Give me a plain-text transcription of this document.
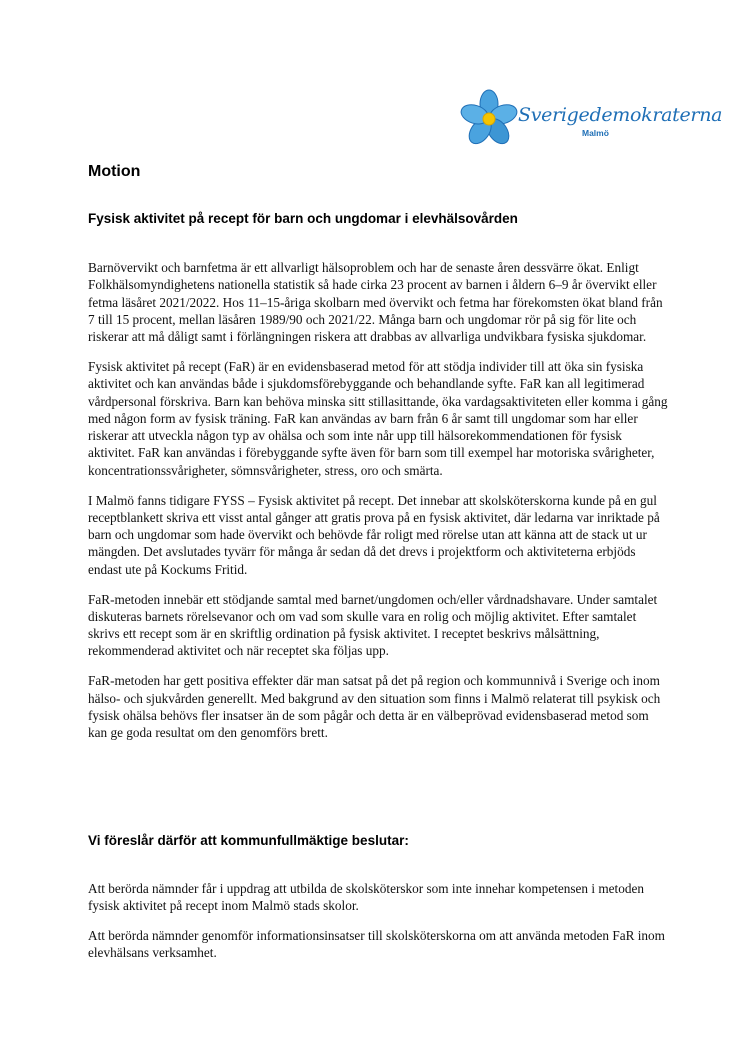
Sverigedemokraterna
Malmö
Motion
Fysisk aktivitet på recept för barn och ungdomar i elevhälsovården

Barnövervikt och barnfetma är ett allvarligt hälsoproblem och har de senaste åren dessvärre ökat. Enligt Folkhälsomyndighetens nationella statistik så hade cirka 23 procent av barnen i åldern 6–9 år övervikt eller fetma läsåret 2021/2022. Hos 11–15-åriga skolbarn med övervikt och fetma har förekomsten ökat bland från 7 till 15 procent, mellan läsåren 1989/90 och 2021/22. Många barn och ungdomar rör på sig för lite och riskerar att må dåligt samt i förlängningen riskera att drabbas av allvarliga undvikbara fysiska sjukdomar.

Fysisk aktivitet på recept (FaR) är en evidensbaserad metod för att stödja individer till att öka sin fysiska aktivitet och kan användas både i sjukdomsförebyggande och behandlande syfte. FaR kan all legitimerad vårdpersonal förskriva. Barn kan behöva minska sitt stillasittande, öka vardagsaktiviteten eller komma i gång med någon form av fysisk träning. FaR kan användas av barn från 6 år samt till ungdomar som har eller riskerar att utveckla någon typ av ohälsa och som inte når upp till hälsorekommendationen för fysisk aktivitet. FaR kan användas i förebyggande syfte även för barn som till exempel har motoriska svårigheter, koncentrationssvårigheter, sömnsvårigheter, stress, oro och smärta.

I Malmö fanns tidigare FYSS – Fysisk aktivitet på recept. Det innebar att skolsköterskorna kunde på en gul receptblankett skriva ett visst antal gånger att gratis prova på en fysisk aktivitet, där ledarna var inriktade på barn och ungdomar som hade övervikt och behövde får roligt med rörelse utan att känna att de stack ut ur mängden. Det avslutades tyvärr för många år sedan då det drevs i projektform och aktiviteterna erbjöds endast ute på Kockums Fritid.

FaR-metoden innebär ett stödjande samtal med barnet/ungdomen och/eller vårdnadshavare. Under samtalet diskuteras barnets rörelsevanor och om vad som skulle vara en rolig och möjlig aktivitet. Efter samtalet skrivs ett recept som är en skriftlig ordination på fysisk aktivitet. I receptet beskrivs målsättning, rekommenderad aktivitet och när receptet ska följas upp.

FaR-metoden har gett positiva effekter där man satsat på det på region och kommunnivå i Sverige och inom hälso- och sjukvården generellt. Med bakgrund av den situation som finns i Malmö relaterat till psykisk och fysisk ohälsa behövs fler insatser än de som pågår och detta är en välbeprövad evidensbaserad metod som kan ge goda resultat om den genomförs brett.

Vi föreslår därför att kommunfullmäktige beslutar:

Att berörda nämnder får i uppdrag att utbilda de skolsköterskor som inte innehar kompetensen i metoden fysisk aktivitet på recept inom Malmö stads skolor.

Att berörda nämnder genomför informationsinsatser till skolsköterskorna om att använda metoden FaR inom elevhälsans verksamhet.
